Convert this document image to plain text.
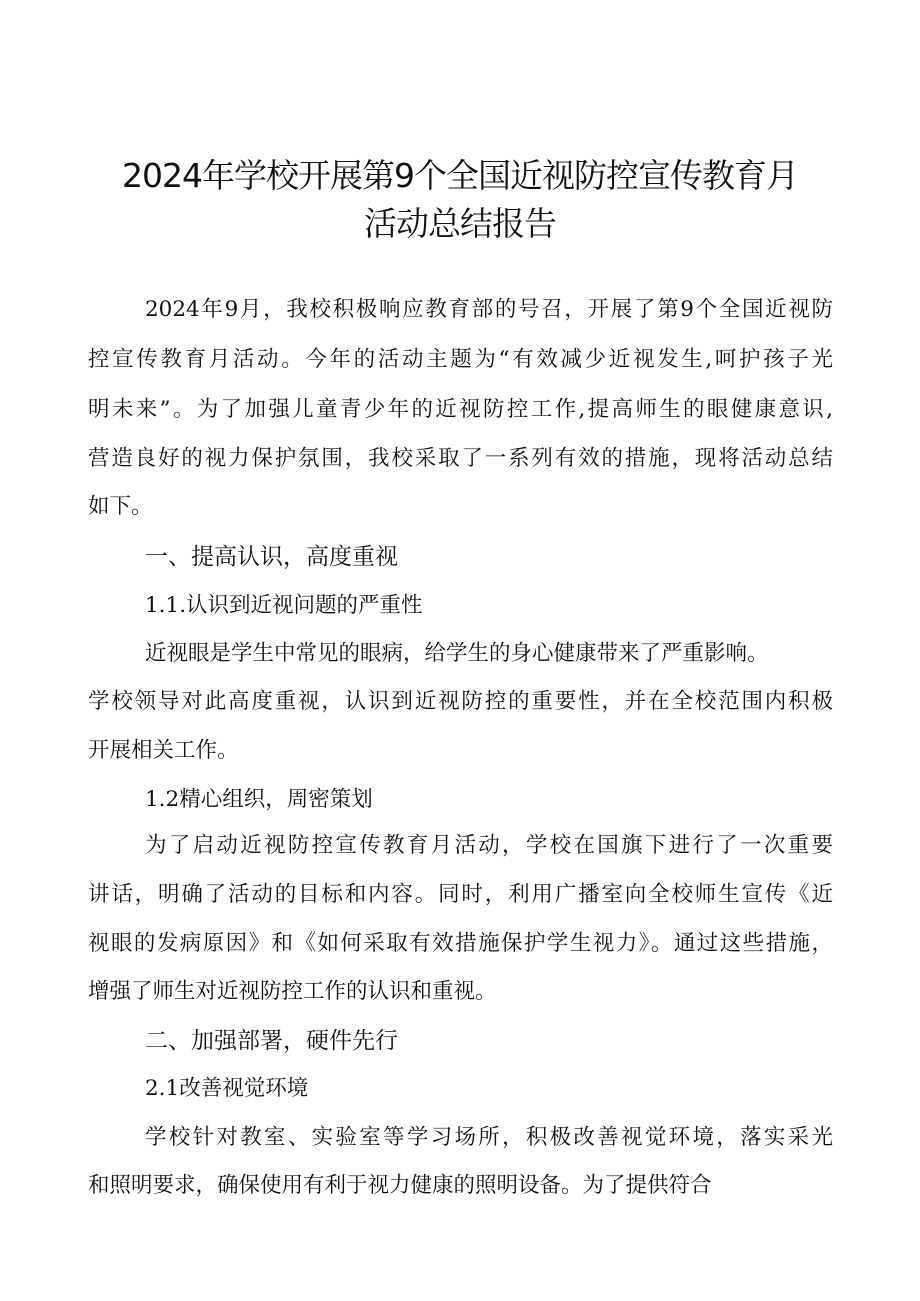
2024年学校开展第9个全国近视防控宣传教育月
活动总结报告
2024年9月，我校积极响应教育部的号召，开展了第9个全国近视防
控宣传教育月活动。今年的活动主题为“有效减少近视发生,呵护孩子光
明未来”。为了加强儿童青少年的近视防控工作,提高师生的眼健康意识,
营造良好的视力保护氛围，我校采取了一系列有效的措施，现将活动总结
如下。
一、提高认识，高度重视
1.1.认识到近视问题的严重性
近视眼是学生中常见的眼病，给学生的身心健康带来了严重影响。
学校领导对此高度重视，认识到近视防控的重要性，并在全校范围内积极
开展相关工作。
1.2精心组织，周密策划
为了启动近视防控宣传教育月活动，学校在国旗下进行了一次重要
讲话，明确了活动的目标和内容。同时，利用广播室向全校师生宣传《近
视眼的发病原因》和《如何采取有效措施保护学生视力》。通过这些措施，
增强了师生对近视防控工作的认识和重视。
二、加强部署，硬件先行
2.1改善视觉环境
学校针对教室、实验室等学习场所，积极改善视觉环境，落实采光
和照明要求，确保使用有利于视力健康的照明设备。为了提供符合
